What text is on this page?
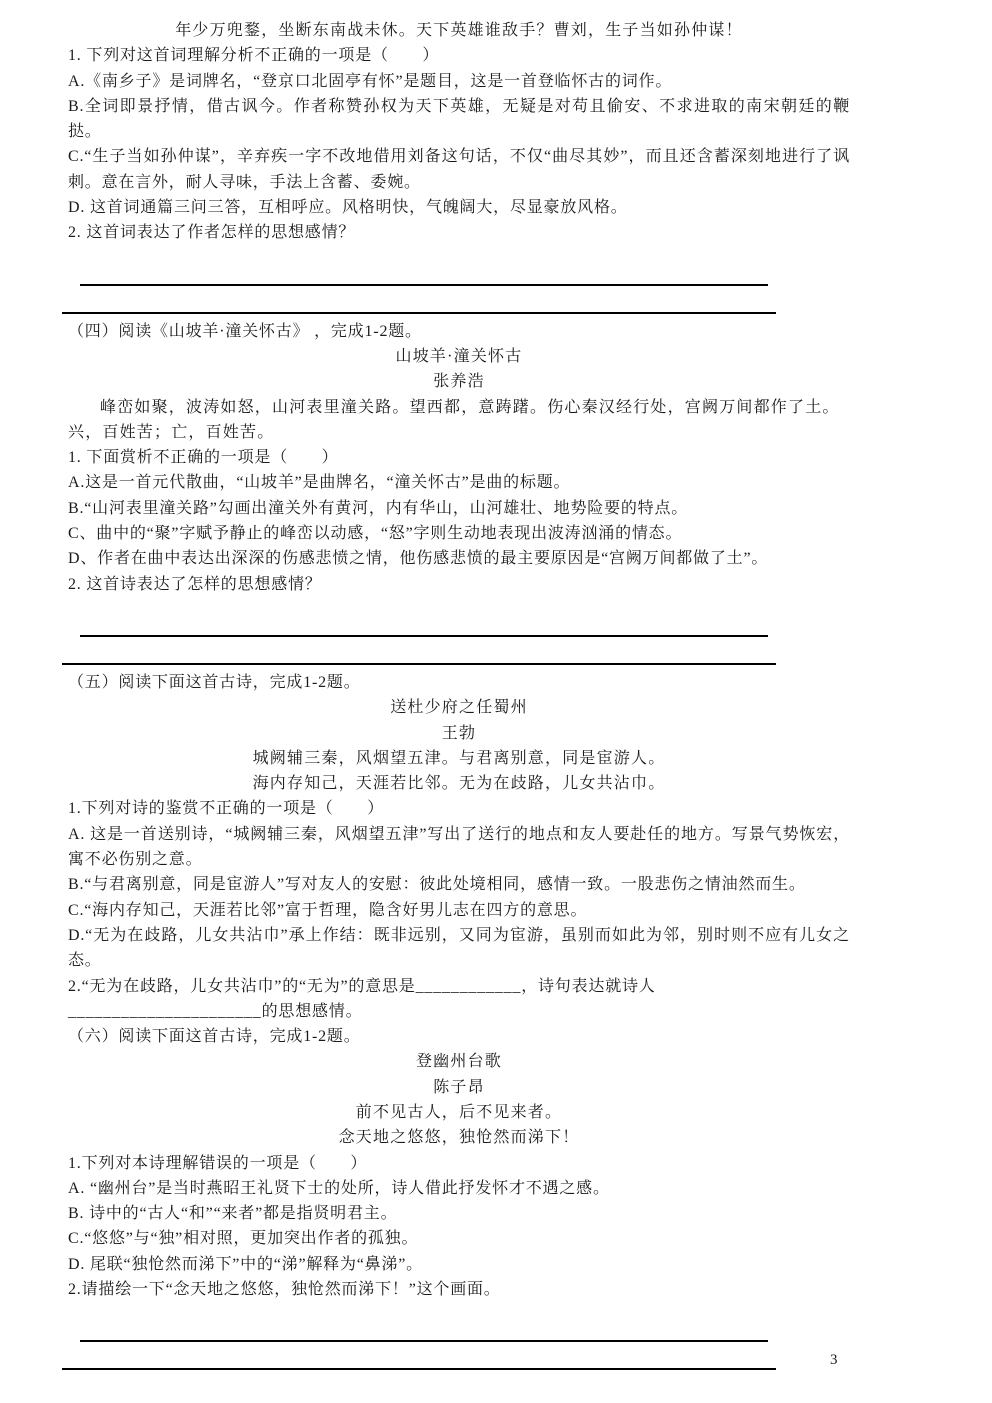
年少万兜鍪，坐断东南战未休。天下英雄谁敌手？曹刘，生子当如孙仲谋！
1. 下列对这首词理解分析不正确的一项是（　　）
A.《南乡子》是词牌名，“登京口北固亭有怀”是题目，这是一首登临怀古的词作。
B.全词即景抒情，借古讽今。作者称赞孙权为天下英雄，无疑是对苟且偷安、不求进取的南宋朝廷的鞭挞。
C.“生子当如孙仲谋”，辛弃疾一字不改地借用刘备这句话，不仅“曲尽其妙”，而且还含蓄深刻地进行了讽刺。意在言外，耐人寻味，手法上含蓄、委婉。
D. 这首词通篇三问三答，互相呼应。风格明快，气魄阔大，尽显豪放风格。
2. 这首词表达了作者怎样的思想感情？
（四）阅读《山坡羊·潼关怀古》 ，完成1-2题。
山坡羊·潼关怀古
张养浩
峰峦如聚，波涛如怒，山河表里潼关路。望西都，意踌躇。伤心秦汉经行处，宫阙万间都作了土。
兴，百姓苦；亡，百姓苦。
1. 下面赏析不正确的一项是（　　）
A.这是一首元代散曲，“山坡羊”是曲牌名，“潼关怀古”是曲的标题。
B.“山河表里潼关路”勾画出潼关外有黄河，内有华山，山河雄壮、地势险要的特点。
C、曲中的“聚”字赋予静止的峰峦以动感，“怒”字则生动地表现出波涛汹涌的情态。
D、作者在曲中表达出深深的伤感悲愤之情，他伤感悲愤的最主要原因是“宫阙万间都做了土”。
2. 这首诗表达了怎样的思想感情？
（五）阅读下面这首古诗，完成1-2题。
送杜少府之任蜀州
王勃
城阙辅三秦，风烟望五津。与君离别意，同是宦游人。
海内存知己，天涯若比邻。无为在歧路，儿女共沾巾。
1.下列对诗的鉴赏不正确的一项是（　　）
A. 这是一首送别诗，“城阙辅三秦，风烟望五津”写出了送行的地点和友人要赴任的地方。写景气势恢宏，寓不必伤别之意。
B.“与君离别意，同是宦游人”写对友人的安慰：彼此处境相同，感情一致。一股悲伤之情油然而生。
C.“海内存知己，天涯若比邻”富于哲理，隐含好男儿志在四方的意思。
D.“无为在歧路，儿女共沾巾”承上作结：既非远别，又同为宦游，虽别而如此为邻，别时则不应有儿女之态。
2.“无为在歧路，儿女共沾巾”的“无为”的意思是____________，诗句表达就诗人
______________________的思想感情。
（六）阅读下面这首古诗，完成1-2题。
登幽州台歌
陈子昂
前不见古人，后不见来者。
念天地之悠悠，独怆然而涕下！
1.下列对本诗理解错误的一项是（　　）
A. “幽州台”是当时燕昭王礼贤下士的处所，诗人借此抒发怀才不遇之感。
B. 诗中的“古人“和”“来者”都是指贤明君主。
C.“悠悠”与“独”相对照，更加突出作者的孤独。
D. 尾联“独怆然而涕下”中的“涕”解释为“鼻涕”。
2.请描绘一下“念天地之悠悠，独怆然而涕下！”这个画面。
3
